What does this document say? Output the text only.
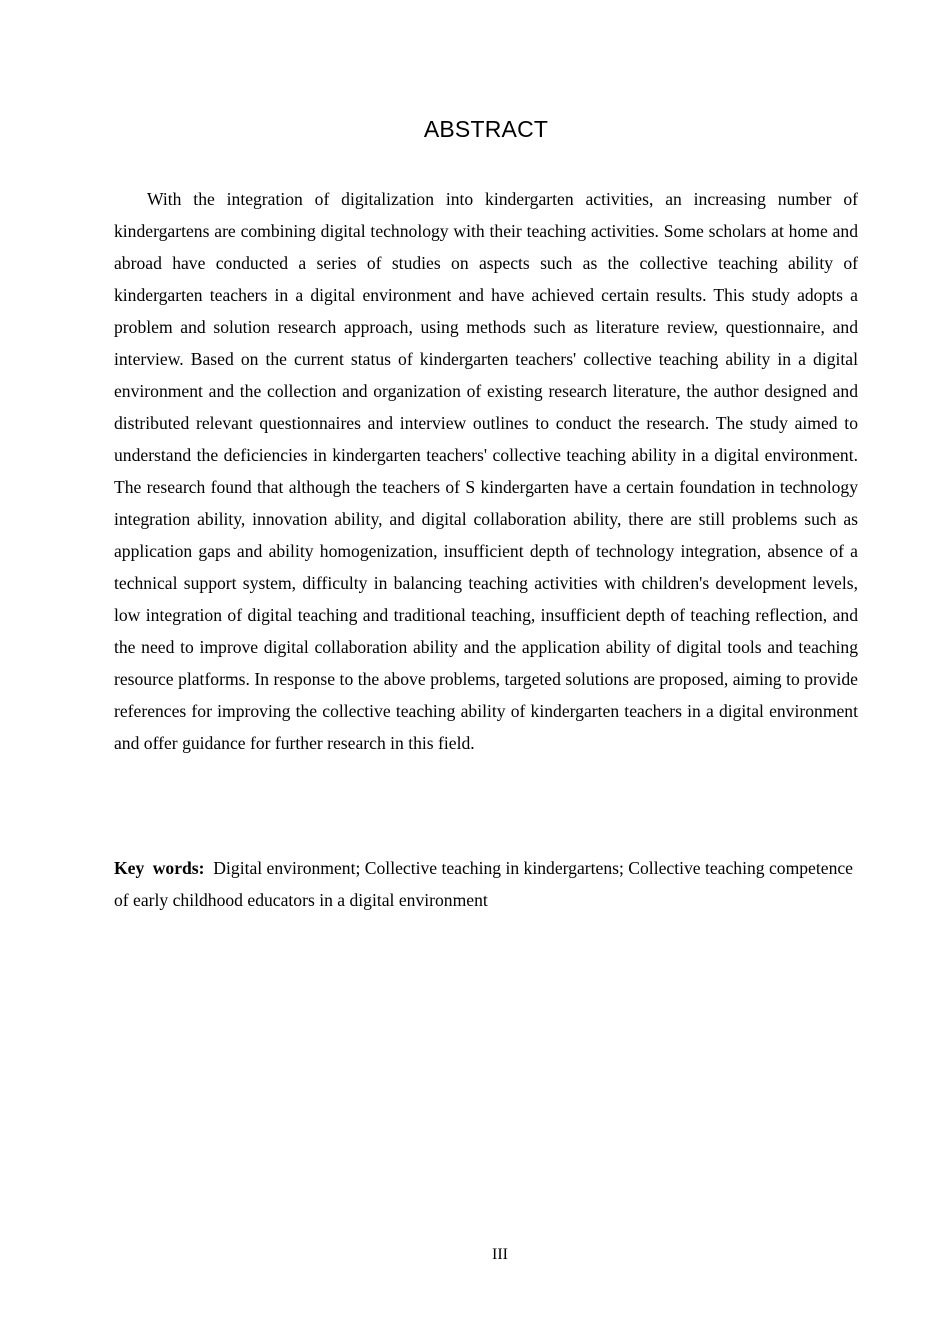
ABSTRACT

With the integration of digitalization into kindergarten activities, an increasing number of kindergartens are combining digital technology with their teaching activities. Some scholars at home and abroad have conducted a series of studies on aspects such as the collective teaching ability of kindergarten teachers in a digital environment and have achieved certain results. This study adopts a problem and solution research approach, using methods such as literature review, questionnaire, and interview. Based on the current status of kindergarten teachers' collective teaching ability in a digital environment and the collection and organization of existing research literature, the author designed and distributed relevant questionnaires and interview outlines to conduct the research. The study aimed to understand the deficiencies in kindergarten teachers' collective teaching ability in a digital environment. The research found that although the teachers of S kindergarten have a certain foundation in technology integration ability, innovation ability, and digital collaboration ability, there are still problems such as application gaps and ability homogenization, insufficient depth of technology integration, absence of a technical support system, difficulty in balancing teaching activities with children's development levels, low integration of digital teaching and traditional teaching, insufficient depth of teaching reflection, and the need to improve digital collaboration ability and the application ability of digital tools and teaching resource platforms. In response to the above problems, targeted solutions are proposed, aiming to provide references for improving the collective teaching ability of kindergarten teachers in a digital environment and offer guidance for further research in this field.

Key words: Digital environment; Collective teaching in kindergartens; Collective teaching competence of early childhood educators in a digital environment

III
